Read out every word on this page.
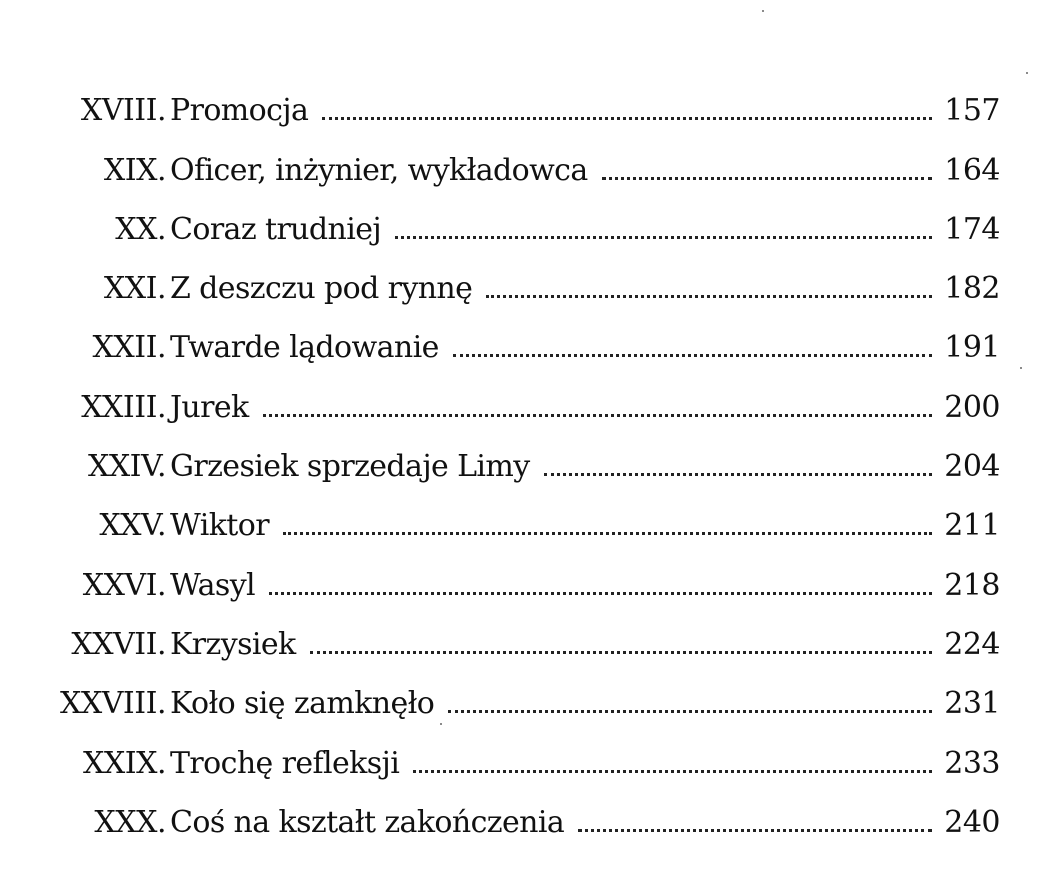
XVIII. Promocja	157
XIX. Oficer, inżynier, wykładowca	164
XX. Coraz trudniej	174
XXI. Z deszczu pod rynnę	182
XXII. Twarde lądowanie	191
XXIII. Jurek	200
XXIV. Grzesiek sprzedaje Limy	204
XXV. Wiktor	211
XXVI. Wasyl	218
XXVII. Krzysiek	224
XXVIII. Koło się zamknęło	231
XXIX. Trochę refleksji	233
XXX. Coś na kształt zakończenia	240
